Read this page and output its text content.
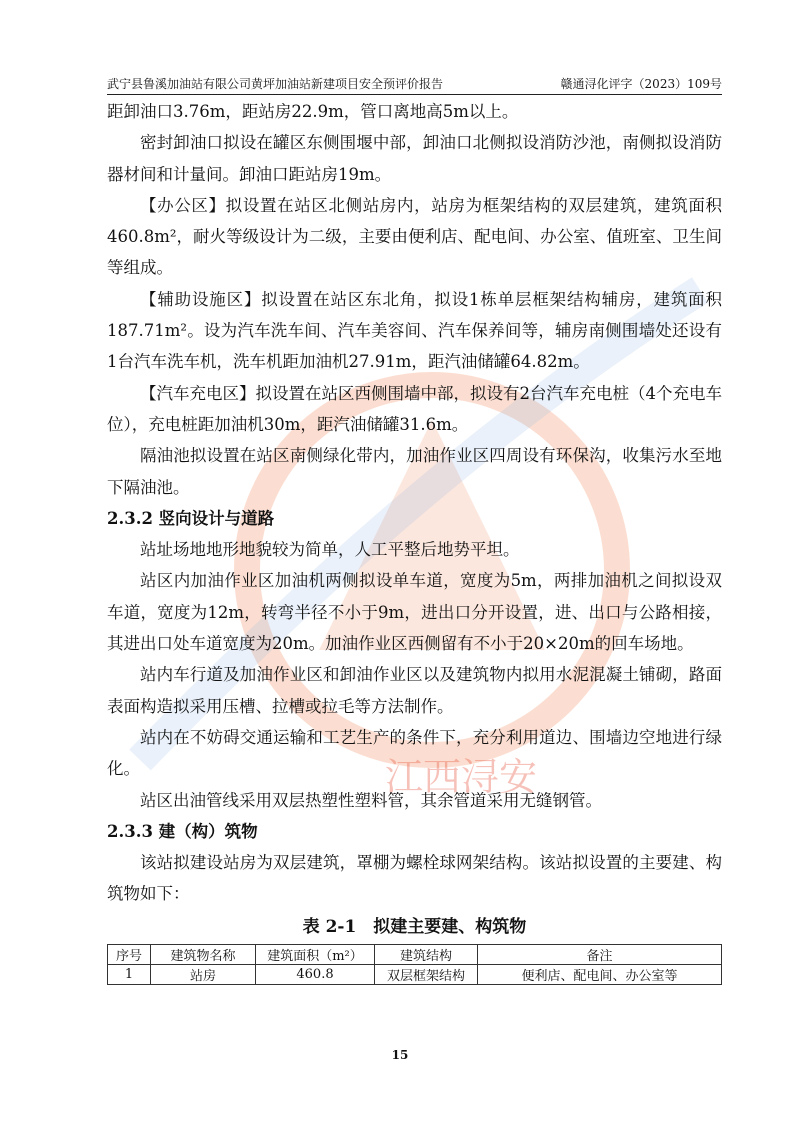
江西浔安
武宁县鲁溪加油站有限公司黄坪加油站新建项目安全预评价报告	赣通浔化评字（2023）109号

距卸油口3.76m，距站房22.9m，管口离地高5m以上。

密封卸油口拟设在罐区东侧围堰中部，卸油口北侧拟设消防沙池，南侧拟设消防器材间和计量间。卸油口距站房19m。

【办公区】拟设置在站区北侧站房内，站房为框架结构的双层建筑，建筑面积460.8m²，耐火等级设计为二级，主要由便利店、配电间、办公室、值班室、卫生间等组成。

【辅助设施区】拟设置在站区东北角，拟设1栋单层框架结构辅房，建筑面积187.71m²。设为汽车洗车间、汽车美容间、汽车保养间等，辅房南侧围墙处还设有1台汽车洗车机，洗车机距加油机27.91m，距汽油储罐64.82m。

【汽车充电区】拟设置在站区西侧围墙中部，拟设有2台汽车充电桩（4个充电车位），充电桩距加油机30m，距汽油储罐31.6m。

隔油池拟设置在站区南侧绿化带内，加油作业区四周设有环保沟，收集污水至地下隔油池。

2.3.2 竖向设计与道路

站址场地地形地貌较为简单，人工平整后地势平坦。

站区内加油作业区加油机两侧拟设单车道，宽度为5m，两排加油机之间拟设双车道，宽度为12m，转弯半径不小于9m，进出口分开设置，进、出口与公路相接，其进出口处车道宽度为20m。加油作业区西侧留有不小于20×20m的回车场地。

站内车行道及加油作业区和卸油作业区以及建筑物内拟用水泥混凝土铺砌，路面表面构造拟采用压槽、拉槽或拉毛等方法制作。

站内在不妨碍交通运输和工艺生产的条件下，充分利用道边、围墙边空地进行绿化。

站区出油管线采用双层热塑性塑料管，其余管道采用无缝钢管。

2.3.3 建（构）筑物

该站拟建设站房为双层建筑，罩棚为螺栓球网架结构。该站拟设置的主要建、构筑物如下：

表 2-1　拟建主要建、构筑物

序号	建筑物名称	建筑面积（m²）	建筑结构	备注
1	站房	460.8	双层框架结构	便利店、配电间、办公室等
15
